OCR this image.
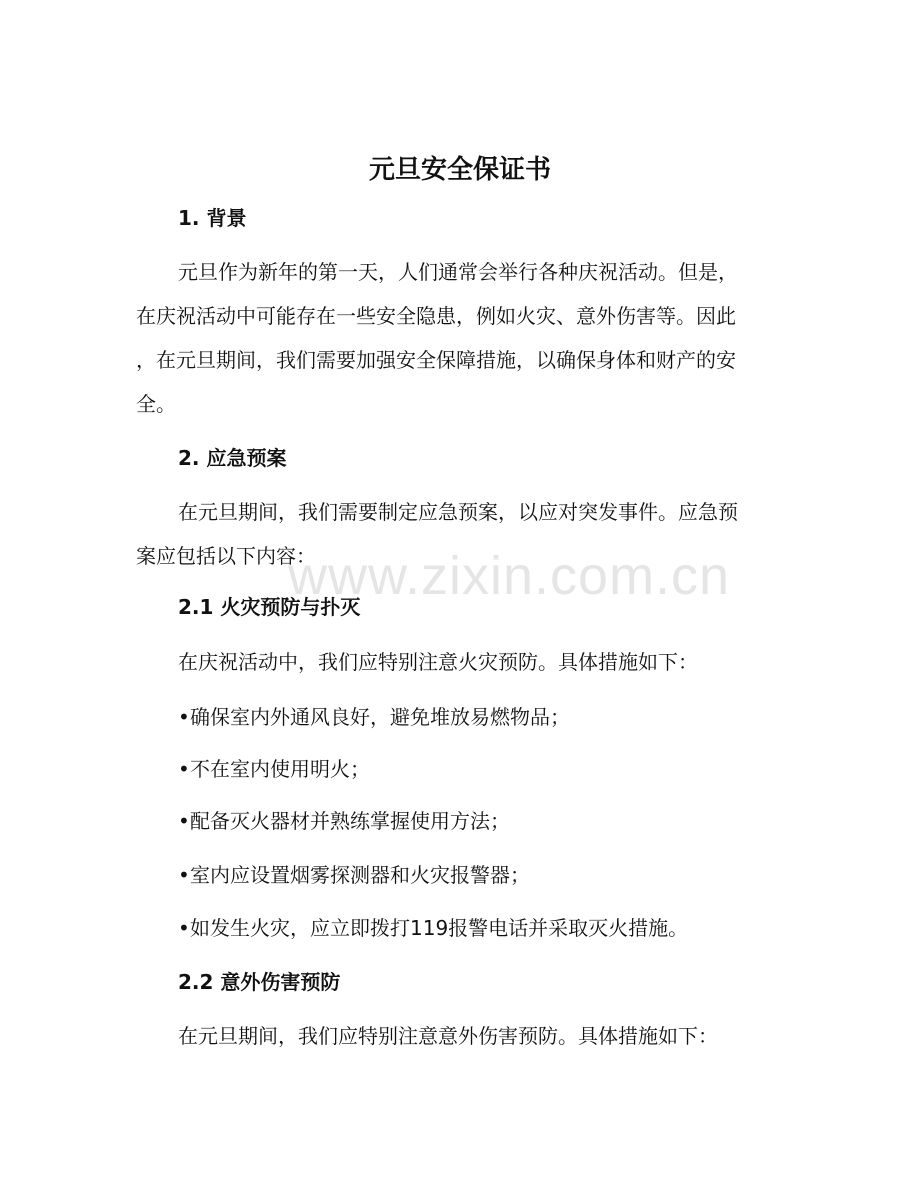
www.zixin.com.cn
元旦安全保证书
1. 背景

元旦作为新年的第一天，人们通常会举行各种庆祝活动。但是，
在庆祝活动中可能存在一些安全隐患，例如火灾、意外伤害等。因此
，在元旦期间，我们需要加强安全保障措施，以确保身体和财产的安
全。

2. 应急预案

在元旦期间，我们需要制定应急预案，以应对突发事件。应急预
案应包括以下内容：

2.1 火灾预防与扑灭

在庆祝活动中，我们应特别注意火灾预防。具体措施如下：

•确保室内外通风良好，避免堆放易燃物品；

•不在室内使用明火；

•配备灭火器材并熟练掌握使用方法；

•室内应设置烟雾探测器和火灾报警器；

•如发生火灾，应立即拨打119报警电话并采取灭火措施。

2.2 意外伤害预防

在元旦期间，我们应特别注意意外伤害预防。具体措施如下：
